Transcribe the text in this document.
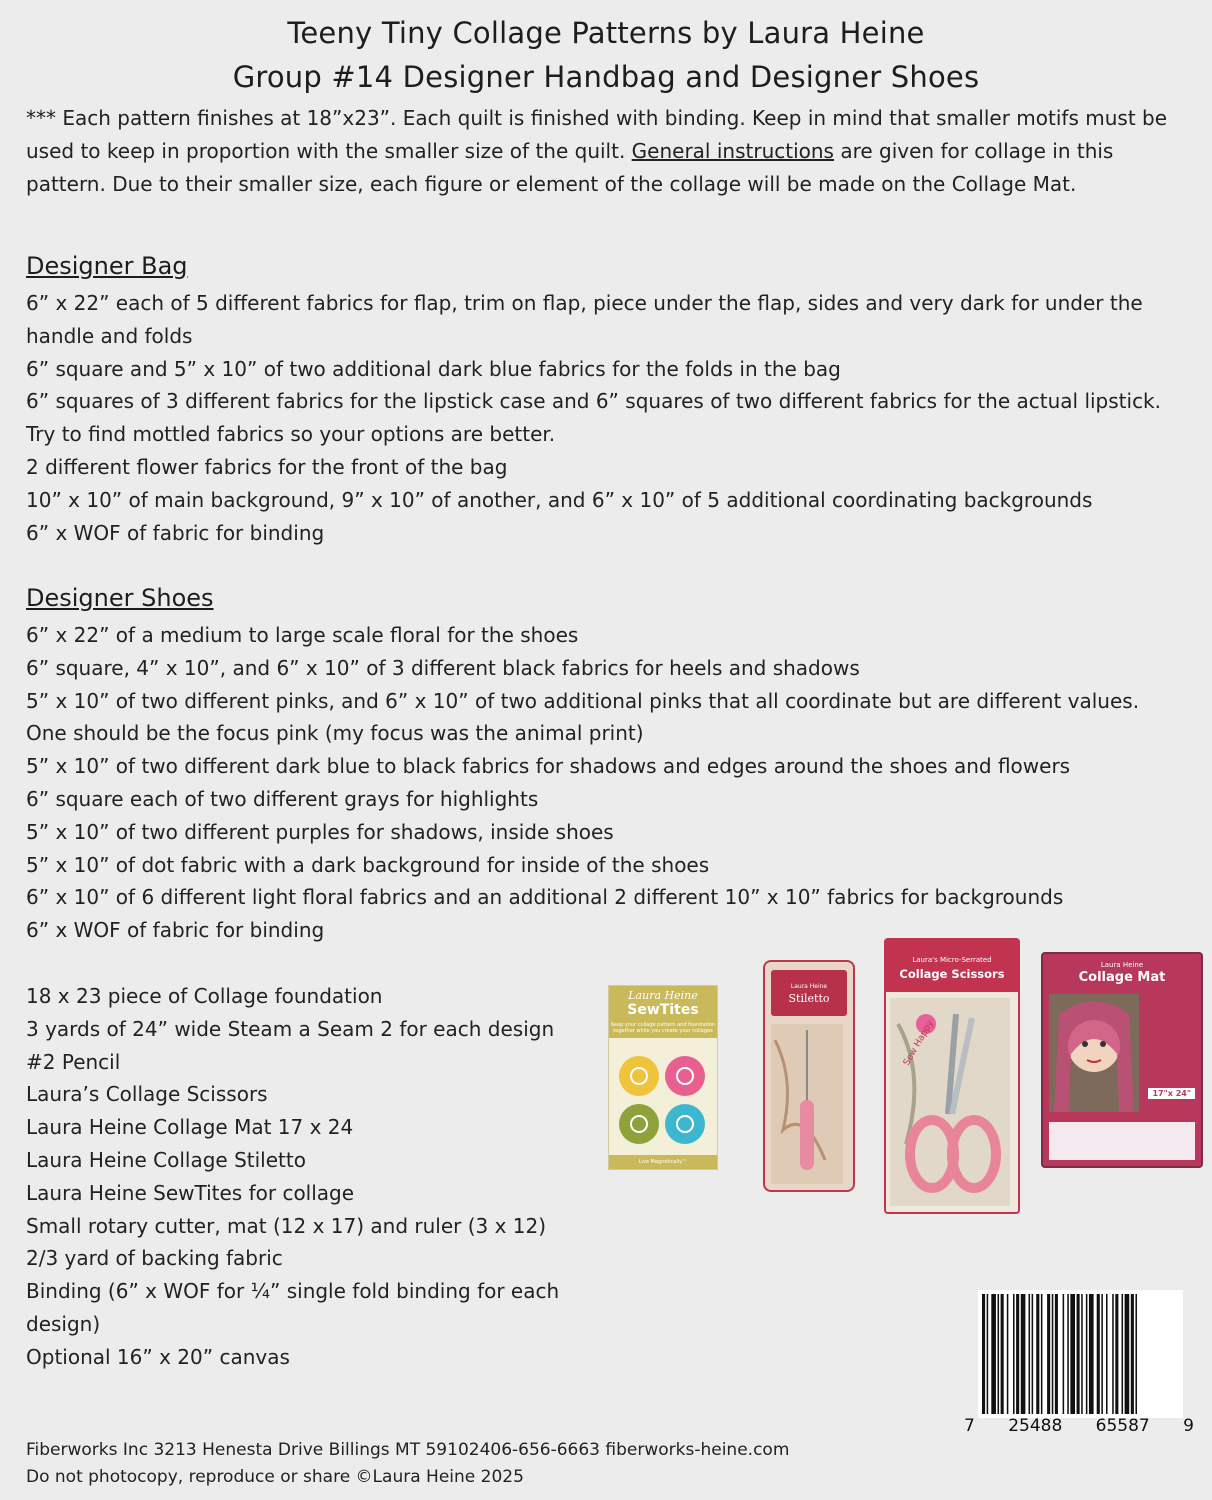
Teeny Tiny Collage Patterns by Laura Heine
Group #14 Designer Handbag and Designer Shoes
*** Each pattern finishes at 18”x23”. Each quilt is finished with binding. Keep in mind that smaller motifs must be used to keep in proportion with the smaller size of the quilt. General instructions are given for collage in this pattern. Due to their smaller size, each figure or element of the collage will be made on the Collage Mat.
Designer Bag
6” x 22” each of 5 different fabrics for flap, trim on flap, piece under the flap, sides and very dark for under the handle and folds
6” square and 5” x 10” of two additional dark blue fabrics for the folds in the bag
6” squares of 3 different fabrics for the lipstick case and 6” squares of two different fabrics for the actual lipstick. Try to find mottled fabrics so your options are better.
2 different flower fabrics for the front of the bag
10” x 10” of main background, 9” x 10” of another, and 6” x 10” of 5 additional coordinating backgrounds
6” x WOF of fabric for binding
Designer Shoes
6” x 22” of a medium to large scale floral for the shoes
6” square, 4” x 10”, and 6” x 10” of 3 different black fabrics for heels and shadows
5” x 10” of two different pinks, and 6” x 10” of two additional pinks that all coordinate but are different values. One should be the focus pink (my focus was the animal print)
5” x 10” of two different dark blue to black fabrics for shadows and edges around the shoes and flowers
6” square each of two different grays for highlights
5” x 10” of two different purples for shadows, inside shoes
5” x 10” of dot fabric with a dark background for inside of the shoes
6” x 10” of 6 different light floral fabrics and an additional 2 different 10” x 10” fabrics for backgrounds
6” x WOF of fabric for binding
18 x 23 piece of Collage foundation
3 yards of 24” wide Steam a Seam 2 for each design
#2 Pencil
Laura’s Collage Scissors
Laura Heine Collage Mat 17 x 24
Laura Heine Collage Stiletto
Laura Heine SewTites for collage
Small rotary cutter, mat (12 x 17) and ruler (3 x 12)
2/3 yard of backing fabric
Binding (6” x WOF for ¼” single fold binding for each design)
Optional 16” x 20” canvas
Laura Heine
SewTites
Keep your collage pattern and foundation together while you create your collages
Live Magnetically™
Laura Heine
Stiletto
Laura's Micro-Serrated
Collage Scissors
Sew Happy
Laura Heine
Collage Mat
17"x 24"
7 25488 65587 9
Fiberworks Inc 3213 Henesta Drive Billings MT 59102406-656-6663 fiberworks-heine.com
Do not photocopy, reproduce or share ©Laura Heine 2025
